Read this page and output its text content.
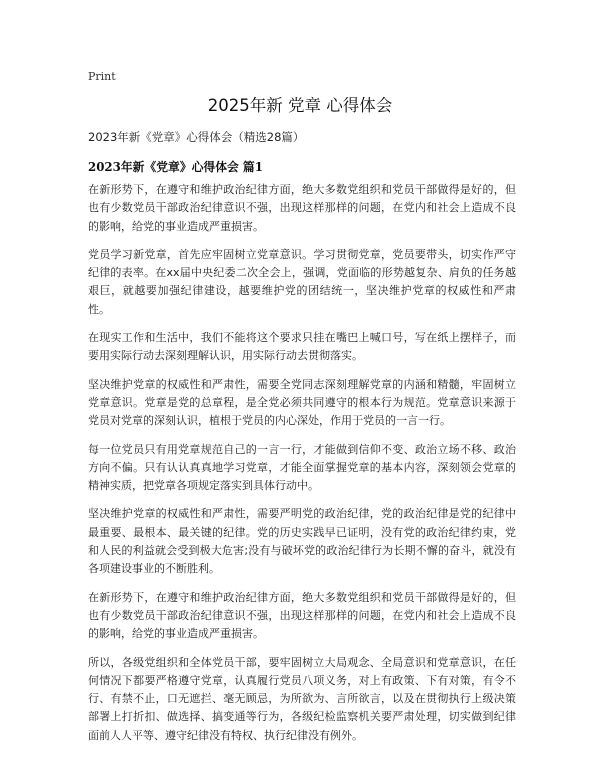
Print
2025年新 党章 心得体会
2023年新《党章》心得体会（精选28篇）
2023年新《党章》心得体会 篇1

在新形势下，在遵守和维护政治纪律方面，绝大多数党组织和党员干部做得是好的，但也有少数党员干部政治纪律意识不强，出现这样那样的问题，在党内和社会上造成不良的影响，给党的事业造成严重损害。

党员学习新党章，首先应牢固树立党章意识。学习贯彻党章，党员要带头，切实作严守纪律的表率。在xx届中央纪委二次全会上，强调，党面临的形势越复杂、肩负的任务越艰巨，就越要加强纪律建设，越要维护党的团结统一，坚决维护党章的权威性和严肃性。

在现实工作和生活中，我们不能将这个要求只挂在嘴巴上喊口号，写在纸上摆样子，而要用实际行动去深刻理解认识，用实际行动去贯彻落实。

坚决维护党章的权威性和严肃性，需要全党同志深刻理解党章的内涵和精髓，牢固树立党章意识。党章是党的总章程，是全党必须共同遵守的根本行为规范。党章意识来源于党员对党章的深刻认识，植根于党员的内心深处，作用于党员的一言一行。

每一位党员只有用党章规范自己的一言一行，才能做到信仰不变、政治立场不移、政治方向不偏。只有认认真真地学习党章，才能全面掌握党章的基本内容，深刻领会党章的精神实质，把党章各项规定落实到具体行动中。

坚决维护党章的权威性和严肃性，需要严明党的政治纪律，党的政治纪律是党的纪律中最重要、最根本、最关键的纪律。党的历史实践早已证明，没有党的政治纪律约束，党和人民的利益就会受到极大危害;没有与破坏党的政治纪律行为长期不懈的奋斗，就没有各项建设事业的不断胜利。

在新形势下，在遵守和维护政治纪律方面，绝大多数党组织和党员干部做得是好的，但也有少数党员干部政治纪律意识不强，出现这样那样的问题，在党内和社会上造成不良的影响，给党的事业造成严重损害。

所以，各级党组织和全体党员干部，要牢固树立大局观念、全局意识和党章意识，在任何情况下都要严格遵守党章，认真履行党员八项义务，对上有政策、下有对策，有令不行、有禁不止，口无遮拦、毫无顾忌，为所欲为、言所欲言，以及在贯彻执行上级决策部署上打折扣、做选择、搞变通等行为，各级纪检监察机关要严肃处理，切实做到纪律面前人人平等、遵守纪律没有特权、执行纪律没有例外。
